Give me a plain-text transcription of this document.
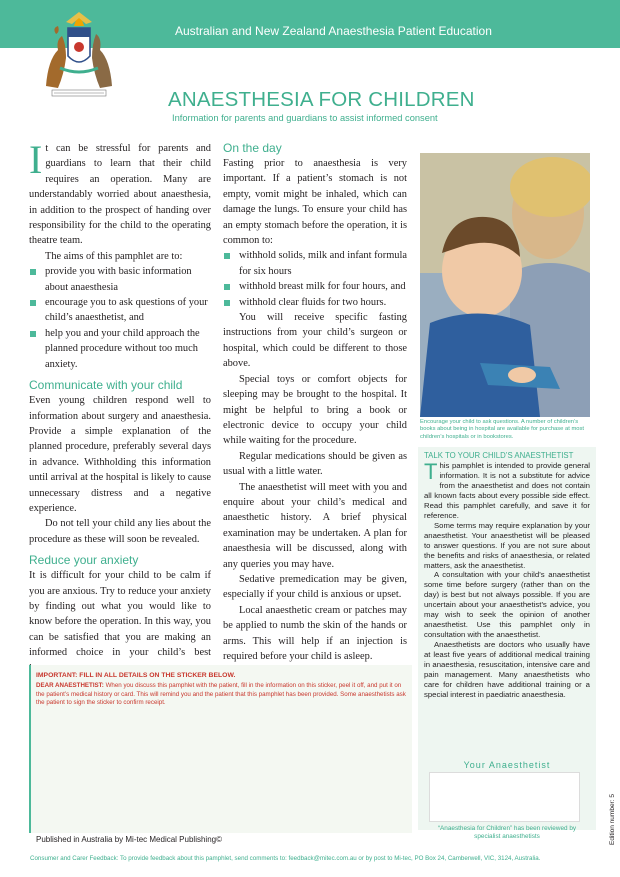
Australian and New Zealand Anaesthesia Patient Education
ANAESTHESIA FOR CHILDREN
Information for parents and guardians to assist informed consent

It can be stressful for parents and guardians to learn that their child requires an operation. Many are understandably worried about anaesthesia, in addition to the prospect of handing over responsibility for the child to the operating theatre team.

The aims of this pamphlet are to:

provide you with basic information about anaesthesia
encourage you to ask questions of your child’s anaesthetist, and
help you and your child approach the planned procedure without too much anxiety.
Communicate with your child

Even young children respond well to information about surgery and anaesthesia. Provide a simple explanation of the planned procedure, preferably several days in advance. Withholding this information until arrival at the hospital is likely to cause unnecessary distress and a negative experience.

Do not tell your child any lies about the procedure as these will soon be revealed.

Reduce your anxiety

It is difficult for your child to be calm if you are anxious. Try to reduce your anxiety by finding out what you would like to know before the operation. In this way, you can be satisfied that you are making an informed choice in your child’s best

On the day

Fasting prior to anaesthesia is very important. If a patient’s stomach is not empty, vomit might be inhaled, which can damage the lungs. To ensure your child has an empty stomach before the operation, it is common to:

withhold solids, milk and infant formula for six hours
withhold breast milk for four hours, and
withhold clear fluids for two hours.

You will receive specific fasting instructions from your child’s surgeon or hospital, which could be different to those above.

Special toys or comfort objects for sleeping may be brought to the hospital. It might be helpful to bring a book or electronic device to occupy your child while waiting for the procedure.

Regular medications should be given as usual with a little water.

The anaesthetist will meet with you and enquire about your child’s medical and anaesthetic history. A brief physical examination may be undertaken. A plan for anaesthesia will be discussed, along with any queries you may have.

Sedative premedication may be given, especially if your child is anxious or upset.

Local anaesthetic cream or patches may be applied to numb the skin of the hands or arms. This will help if an injection is required before your child is asleep.

Encourage your child to ask questions. A number of children’s books about being in hospital are available for purchase at most children’s hospitals or in bookstores.
TALK TO YOUR CHILD’S ANAESTHETIST

This pamphlet is intended to provide general information. It is not a substitute for advice from the anaesthetist and does not contain all known facts about every possible side effect. Read this pamphlet carefully, and save it for reference.

Some terms may require explanation by your anaesthetist. Your anaesthetist will be pleased to answer questions. If you are not sure about the benefits and risks of anaesthesia, or related matters, ask the anaesthetist.

A consultation with your child’s anaesthetist some time before surgery (rather than on the day) is best but not always possible. If you are uncertain about your anaesthetist’s advice, you may wish to seek the opinion of another anaesthetist. Use this pamphlet only in consultation with the anaesthetist.

Anaesthetists are doctors who usually have at least five years of additional medical training in anaesthesia, resuscitation, intensive care and pain management. Many anaesthetists who care for children have additional training or a special interest in paediatric anaesthesia.

Your Anaesthetist
“Anaesthesia for Children” has been reviewed by specialist anaesthetists
IMPORTANT: FILL IN ALL DETAILS ON THE STICKER BELOW.
DEAR ANAESTHETIST: When you discuss this pamphlet with the patient, fill in the information on this sticker, peel it off, and put it on the patient’s medical history or card. This will remind you and the patient that this pamphlet has been provided. Some anaesthetists ask the patient to sign the sticker to confirm receipt.
Published in Australia by Mi-tec Medical Publishing©
Consumer and Carer Feedback: To provide feedback about this pamphlet, send comments to: feedback@mitec.com.au or by post to Mi-tec, PO Box 24, Camberwell, VIC, 3124, Australia.
Edition number: 5
